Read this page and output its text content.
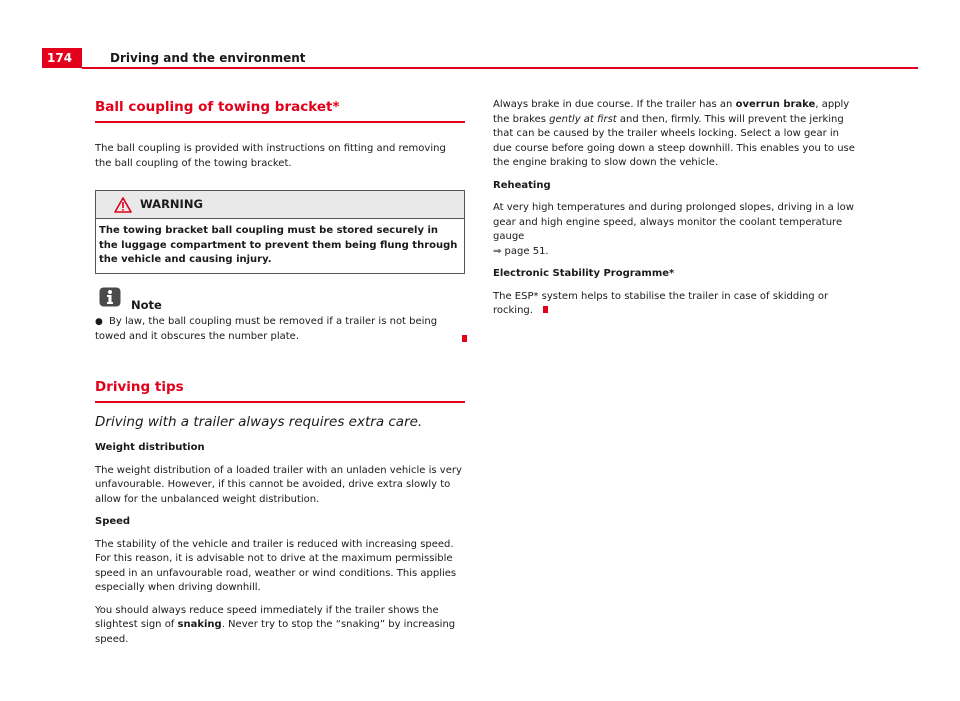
174	Driving and the environment
Ball coupling of towing bracket*

The ball coupling is provided with instructions on fitting and removing the ball coupling of the towing bracket.

WARNING
The towing bracket ball coupling must be stored securely in the luggage compartment to prevent them being flung through the vehicle and causing injury.
Note
● By law, the ball coupling must be removed if a trailer is not being towed and it obscures the number plate.
Driving tips

Driving with a trailer always requires extra care.

Weight distribution

The weight distribution of a loaded trailer with an unladen vehicle is very unfavourable. However, if this cannot be avoided, drive extra slowly to allow for the unbalanced weight distribution.

Speed

The stability of the vehicle and trailer is reduced with increasing speed. For this reason, it is advisable not to drive at the maximum permissible speed in an unfavourable road, weather or wind conditions. This applies especially when driving downhill.

You should always reduce speed immediately if the trailer shows the slightest sign of snaking. Never try to stop the “snaking” by increasing speed.

Always brake in due course. If the trailer has an overrun brake, apply the brakes gently at first and then, firmly. This will prevent the jerking that can be caused by the trailer wheels locking. Select a low gear in due course before going down a steep downhill. This enables you to use the engine braking to slow down the vehicle.

Reheating

At very high temperatures and during prolonged slopes, driving in a low gear and high engine speed, always monitor the coolant temperature gauge
⇒ page 51.

Electronic Stability Programme*

The ESP* system helps to stabilise the trailer in case of skidding or rocking.
